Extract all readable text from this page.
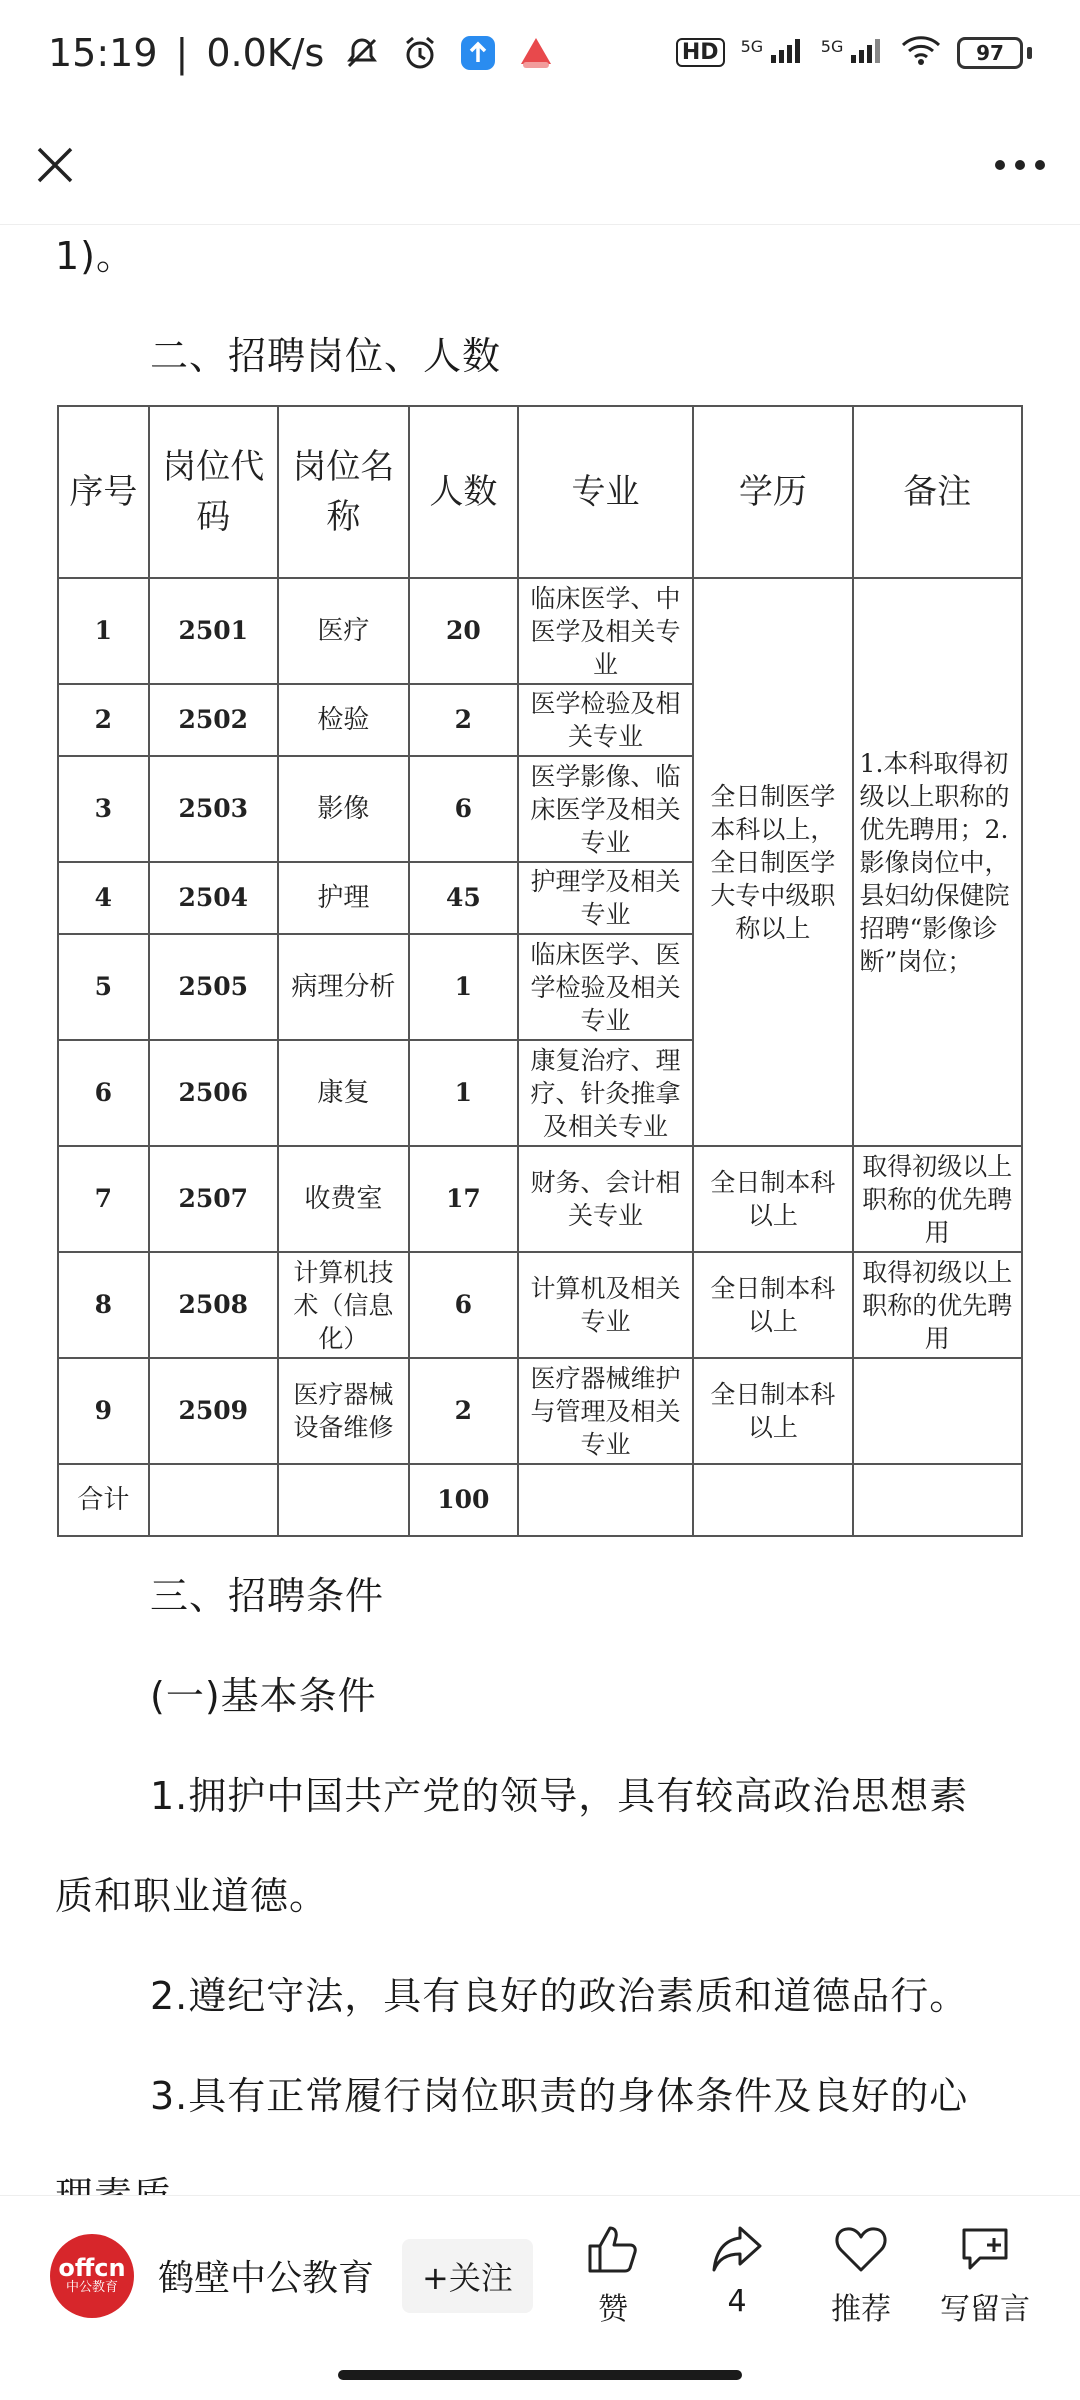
15:19 | 0.0K/s	HD	$^{5G}$	$^{5G}$	97
1)。
二、招聘岗位、人数
序号	岗位代码	岗位名称	人数	专业	学历	备注
1	2501	医疗	20	临床医学、中医学及相关专业	全日制医学本科以上，全日制医学大专中级职称以上	1.本科取得初级以上职称的优先聘用；2.影像岗位中，县妇幼保健院招聘“影像诊断”岗位；
2	2502	检验	2	医学检验及相关专业		
3	2503	影像	6	医学影像、临床医学及相关专业		
4	2504	护理	45	护理学及相关专业		
5	2505	病理分析	1	临床医学、医学检验及相关专业		
6	2506	康复	1	康复治疗、理疗、针灸推拿及相关专业		
7	2507	收费室	17	财务、会计相关专业	全日制本科以上	取得初级以上职称的优先聘用
8	2508	计算机技术（信息化）	6	计算机及相关专业	全日制本科以上	取得初级以上职称的优先聘用
9	2509	医疗器械设备维修	2	医疗器械维护与管理及相关专业	全日制本科以上	
合计			100			
三、招聘条件
(一)基本条件
1.拥护中国共产党的领导，具有较高政治思想素
质和职业道德。
2.遵纪守法，具有良好的政治素质和道德品行。
3.具有正常履行岗位职责的身体条件及良好的心
offcn
中公教育 鹤壁中公教育	+关注
赞	4	推荐 写留言
